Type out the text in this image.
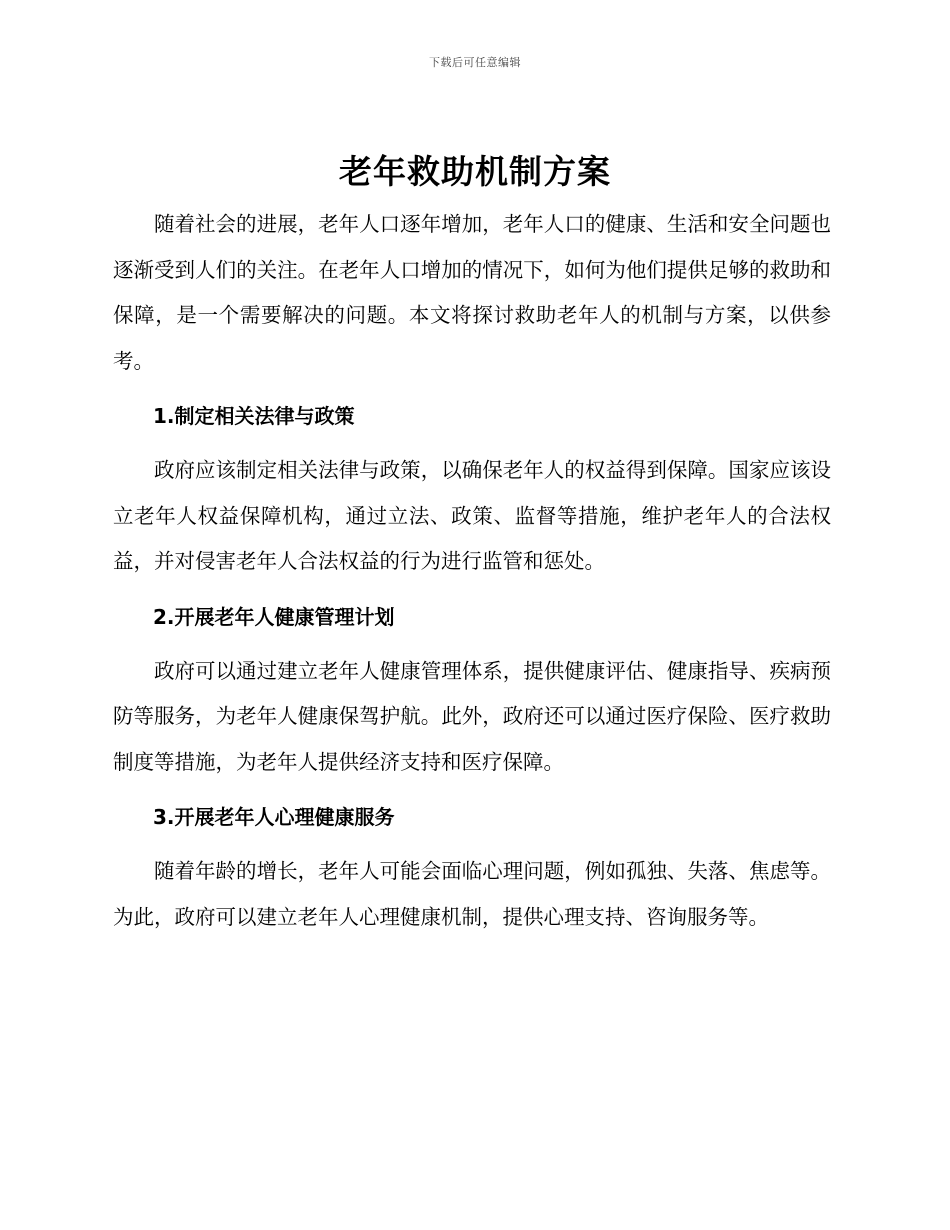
下载后可任意编辑
老年救助机制方案

随着社会的进展，老年人口逐年增加，老年人口的健康、生活和安全问题也逐渐受到人们的关注。在老年人口增加的情况下，如何为他们提供足够的救助和保障，是一个需要解决的问题。本文将探讨救助老年人的机制与方案，以供参考。

1.制定相关法律与政策

政府应该制定相关法律与政策，以确保老年人的权益得到保障。国家应该设立老年人权益保障机构，通过立法、政策、监督等措施，维护老年人的合法权益，并对侵害老年人合法权益的行为进行监管和惩处。

2.开展老年人健康管理计划

政府可以通过建立老年人健康管理体系，提供健康评估、健康指导、疾病预防等服务，为老年人健康保驾护航。此外，政府还可以通过医疗保险、医疗救助制度等措施，为老年人提供经济支持和医疗保障。

3.开展老年人心理健康服务

随着年龄的增长，老年人可能会面临心理问题，例如孤独、失落、焦虑等。为此，政府可以建立老年人心理健康机制，提供心理支持、咨询服务等。
